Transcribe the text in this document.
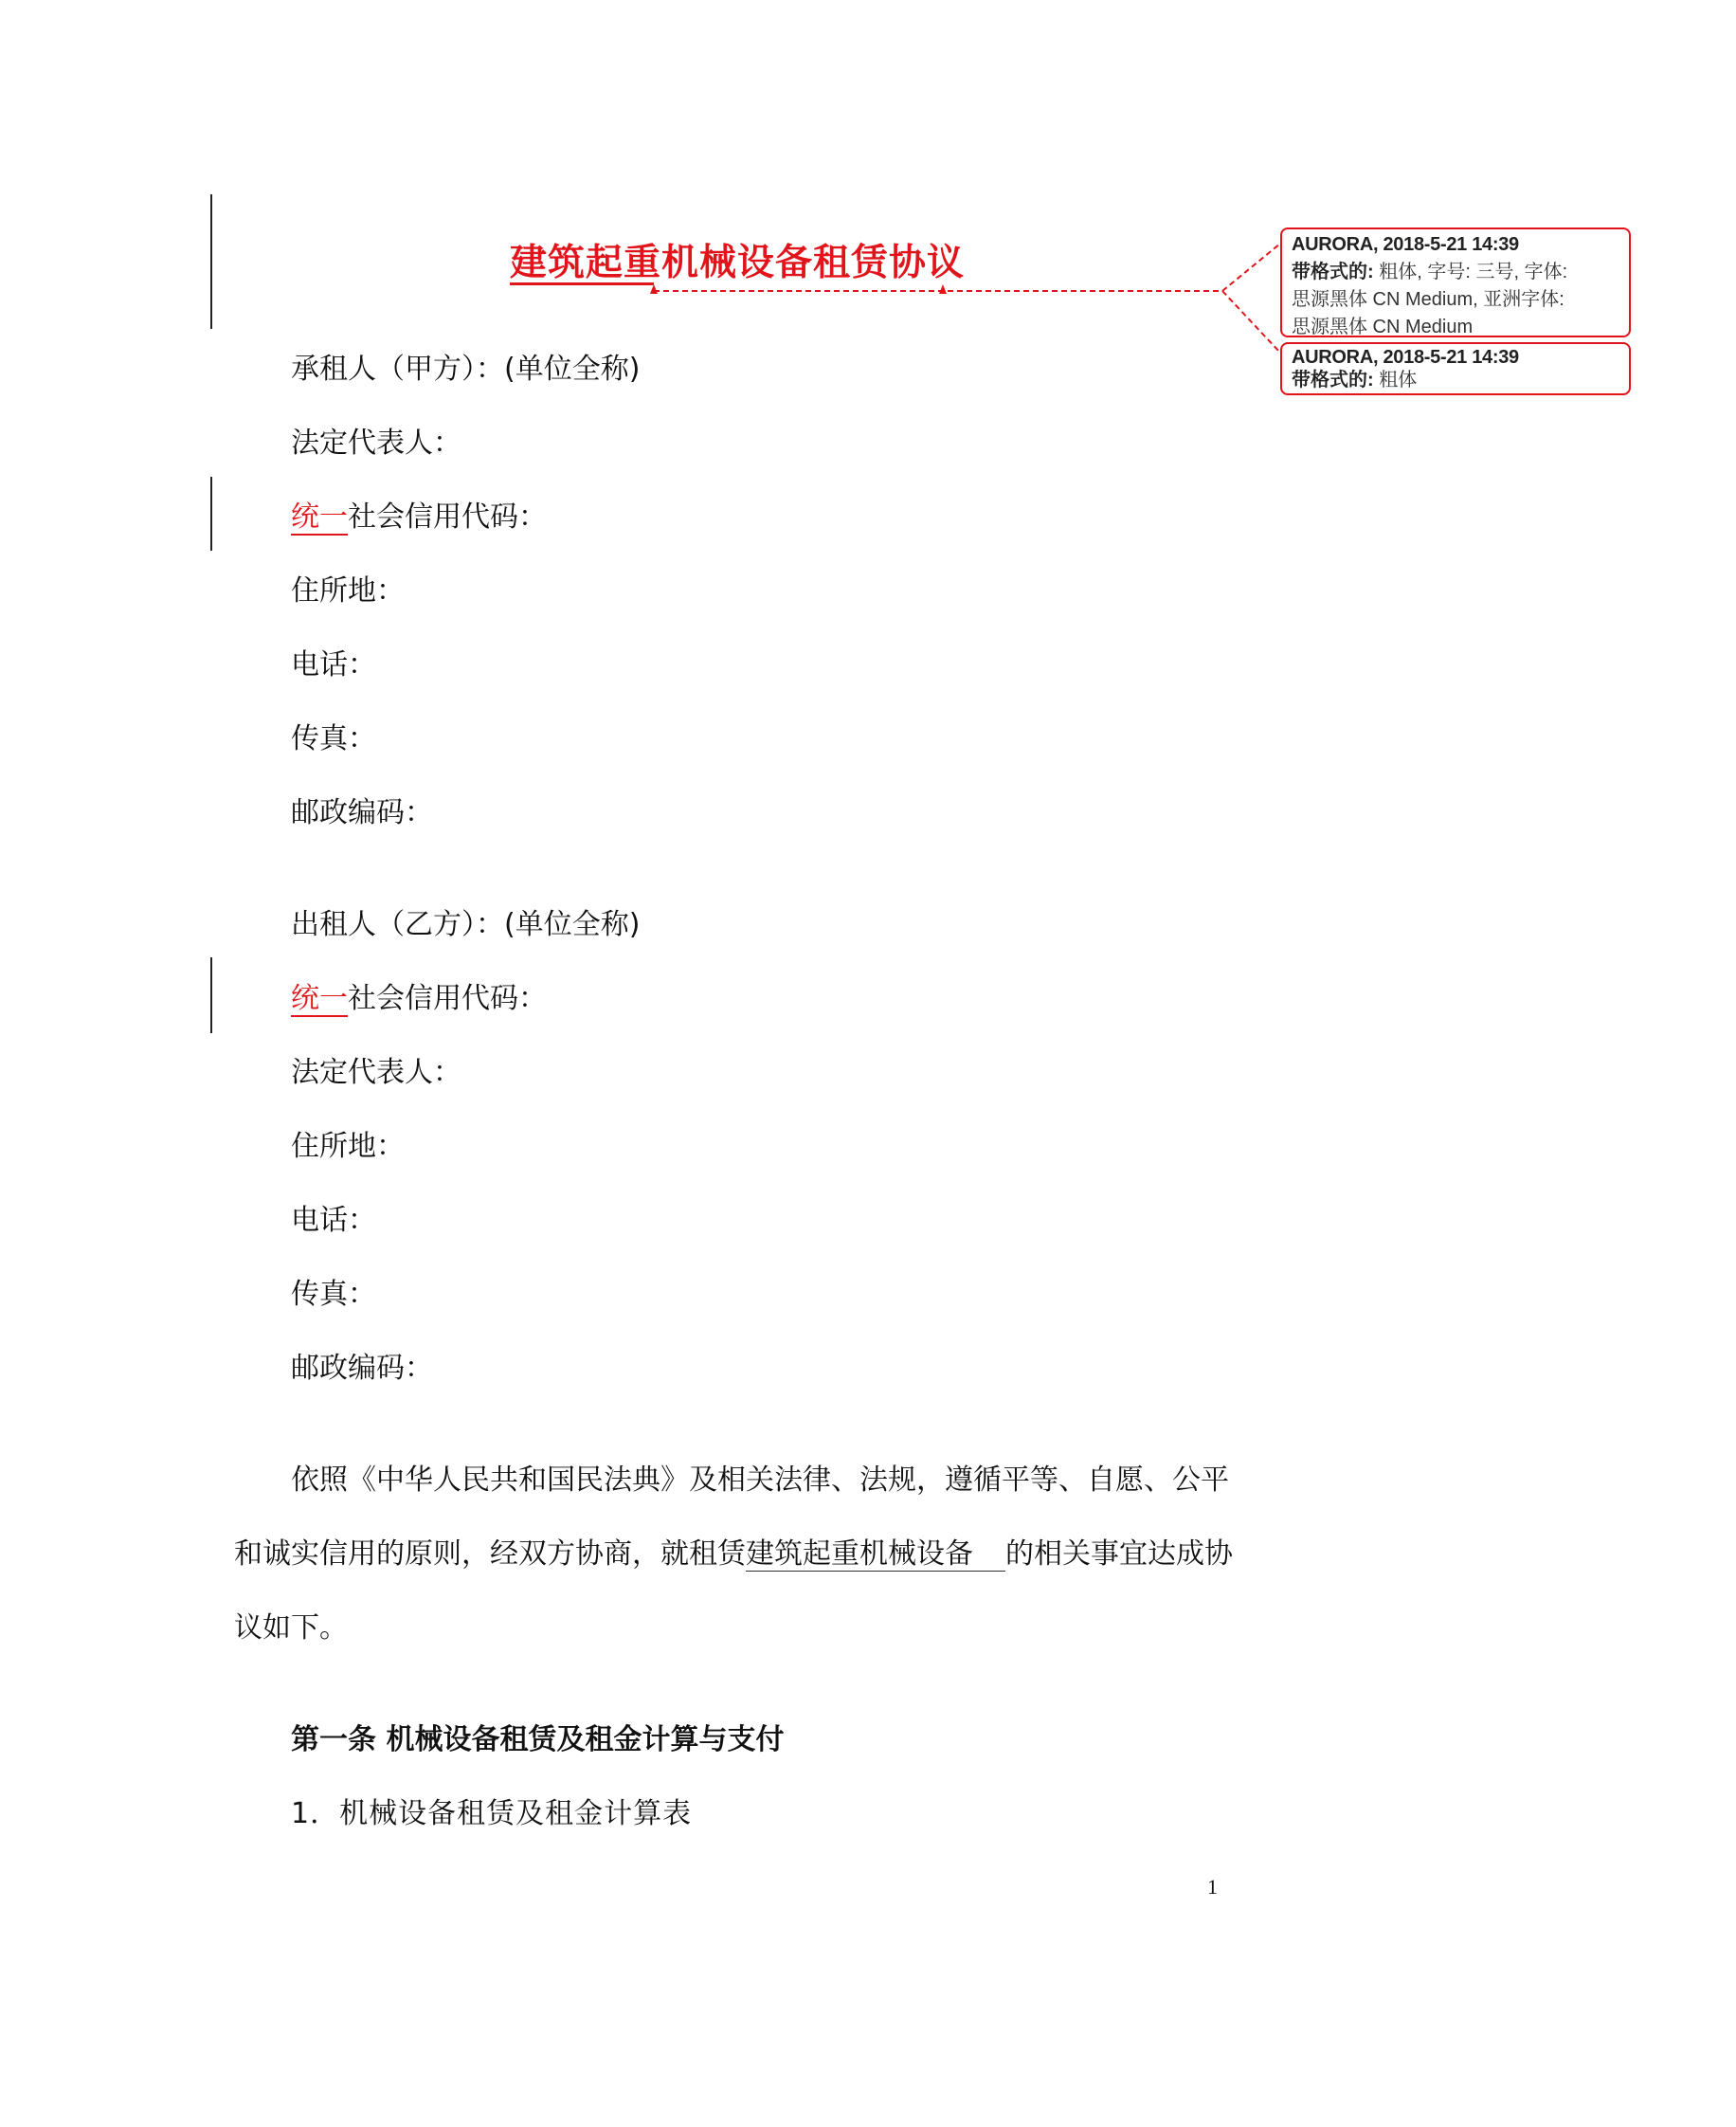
建筑起重机械设备租赁协议
承租人（甲方）：(单位全称)
法定代表人：
统一社会信用代码：
住所地：
电话：
传真：
邮政编码：
出租人（乙方）：(单位全称)
统一社会信用代码：
法定代表人：
住所地：
电话：
传真：
邮政编码：
依照《中华人民共和国民法典》及相关法律、法规，遵循平等、自愿、公平
和诚实信用的原则，经双方协商，就租赁建筑起重机械设备 的相关事宜达成协
议如下。
第一条 机械设备租赁及租金计算与支付
1．机械设备租赁及租金计算表
1
AURORA, 2018-5-21 14:39
带格式的: 粗体, 字号: 三号, 字体:
思源黑体 CN Medium, 亚洲字体:
思源黑体 CN Medium
AURORA, 2018-5-21 14:39
带格式的: 粗体
